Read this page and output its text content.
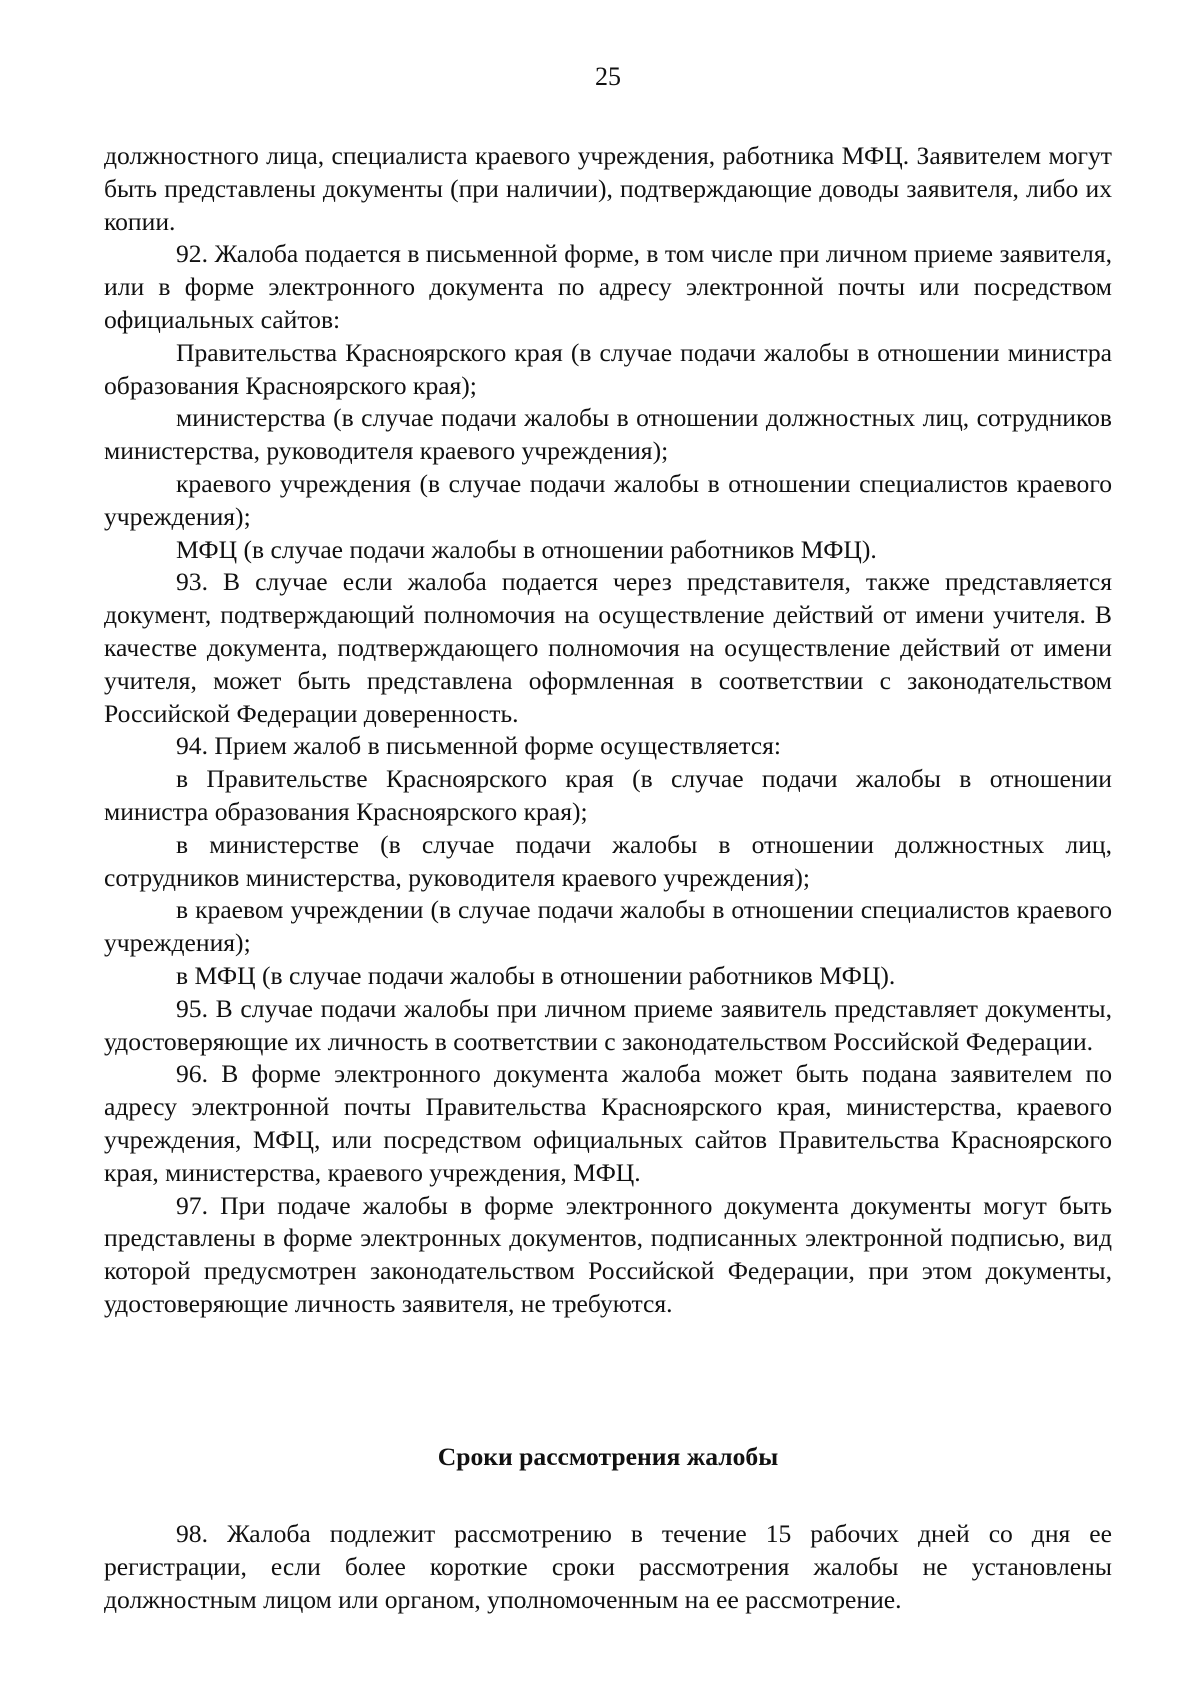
25

должностного лица, специалиста краевого учреждения, работника МФЦ. Заявителем могут быть представлены документы (при наличии), подтверждающие доводы заявителя, либо их копии.

92. Жалоба подается в письменной форме, в том числе при личном приеме заявителя, или в форме электронного документа по адресу электронной почты или посредством официальных сайтов:

Правительства Красноярского края (в случае подачи жалобы в отношении министра образования Красноярского края);

министерства (в случае подачи жалобы в отношении должностных лиц, сотрудников министерства, руководителя краевого учреждения);

краевого учреждения (в случае подачи жалобы в отношении специалистов краевого учреждения);

МФЦ (в случае подачи жалобы в отношении работников МФЦ).

93. В случае если жалоба подается через представителя, также представляется документ, подтверждающий полномочия на осуществление действий от имени учителя. В качестве документа, подтверждающего полномочия на осуществление действий от имени учителя, может быть представлена оформленная в соответствии с законодательством Российской Федерации доверенность.

94. Прием жалоб в письменной форме осуществляется:

в Правительстве Красноярского края (в случае подачи жалобы в отношении министра образования Красноярского края);

в министерстве (в случае подачи жалобы в отношении должностных лиц, сотрудников министерства, руководителя краевого учреждения);

в краевом учреждении (в случае подачи жалобы в отношении специалистов краевого учреждения);

в МФЦ (в случае подачи жалобы в отношении работников МФЦ).

95. В случае подачи жалобы при личном приеме заявитель представляет документы, удостоверяющие их личность в соответствии с законодательством Российской Федерации.

96. В форме электронного документа жалоба может быть подана заявителем по адресу электронной почты Правительства Красноярского края, министерства, краевого учреждения, МФЦ, или посредством официальных сайтов Правительства Красноярского края, министерства, краевого учреждения, МФЦ.

97. При подаче жалобы в форме электронного документа документы могут быть представлены в форме электронных документов, подписанных электронной подписью, вид которой предусмотрен законодательством Российской Федерации, при этом документы, удостоверяющие личность заявителя, не требуются.

Сроки рассмотрения жалобы

98. Жалоба подлежит рассмотрению в течение 15 рабочих дней со дня ее регистрации, если более короткие сроки рассмотрения жалобы не установлены должностным лицом или органом, уполномоченным на ее рассмотрение.
